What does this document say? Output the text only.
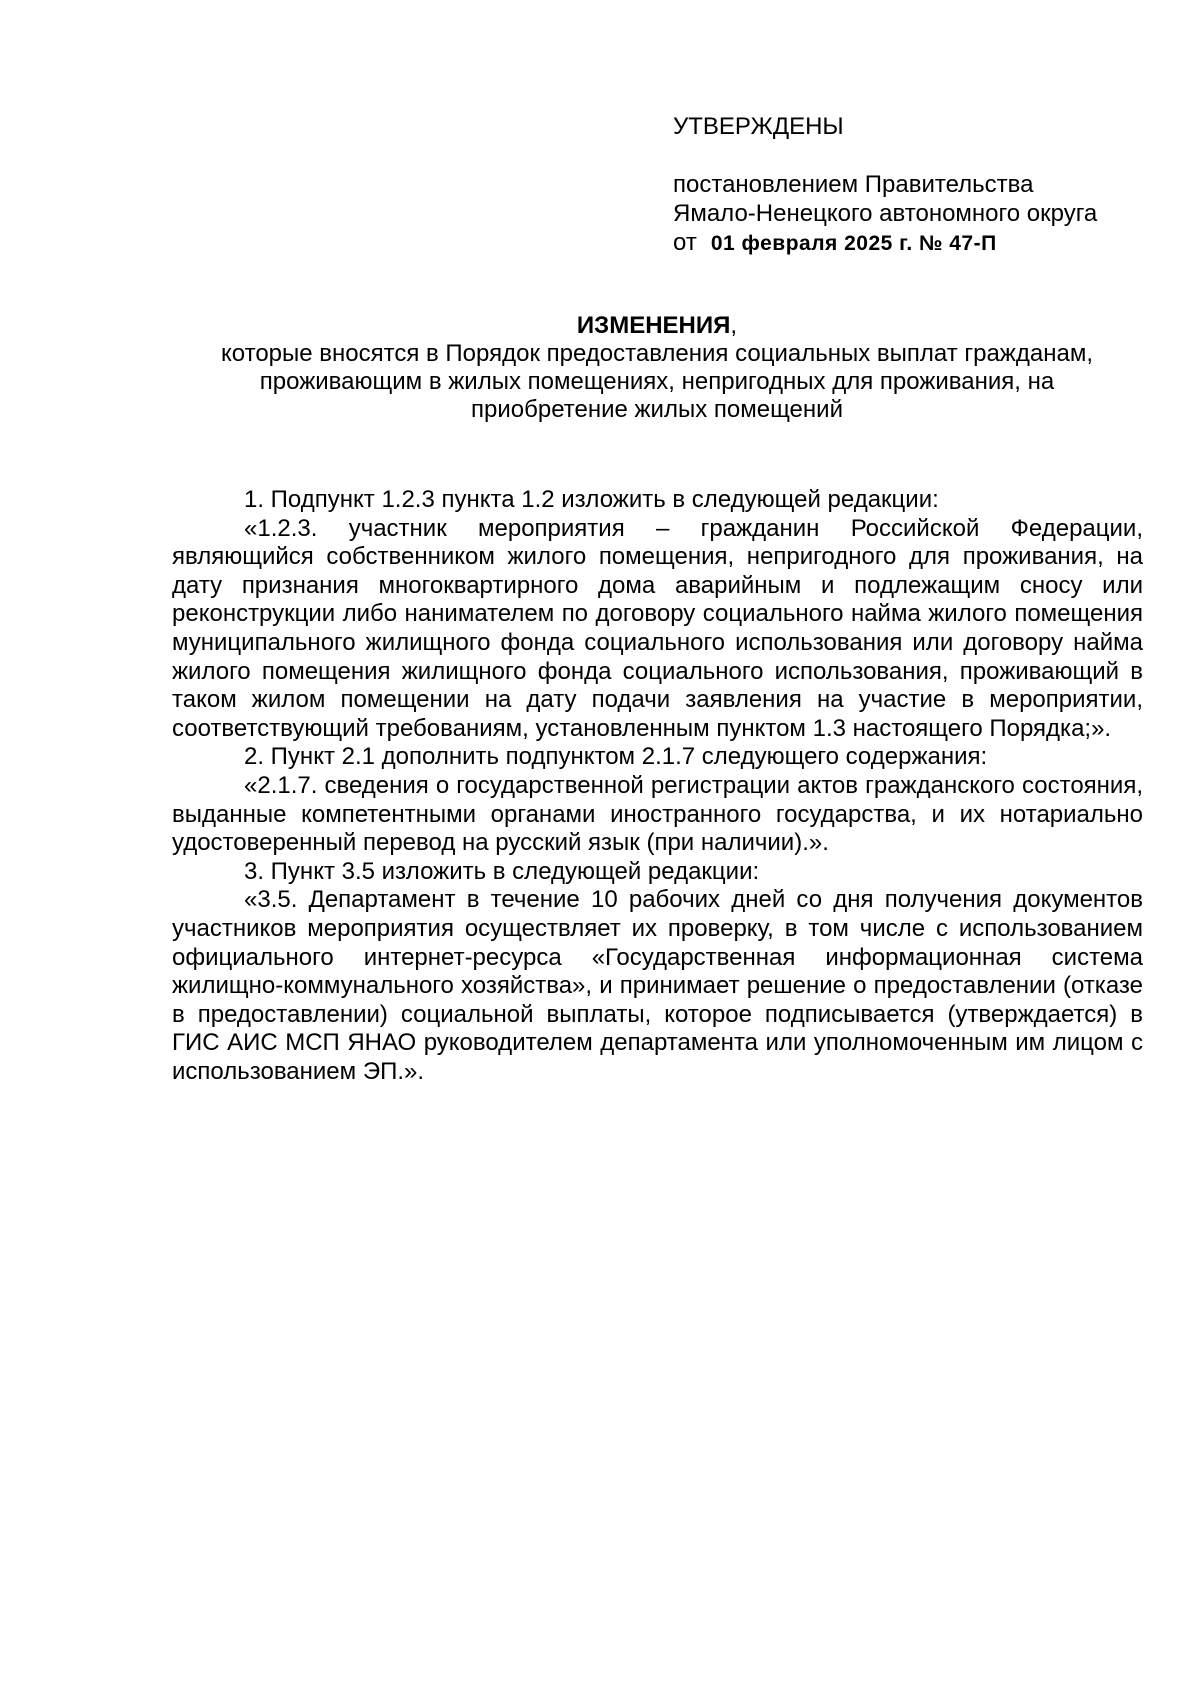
УТВЕРЖДЕНЫ
постановлением Правительства
Ямало-Ненецкого автономного округа
от 01 февраля 2025 г. № 47-П
ИЗМЕНЕНИЯ,
которые вносятся в Порядок предоставления социальных выплат гражданам,
проживающим в жилых помещениях, непригодных для проживания, на
приобретение жилых помещений

1. Подпункт 1.2.3 пункта 1.2 изложить в следующей редакции:

«1.2.3. участник мероприятия – гражданин Российской Федерации, являющийся собственником жилого помещения, непригодного для проживания, на дату признания многоквартирного дома аварийным и подлежащим сносу или реконструкции либо нанимателем по договору социального найма жилого помещения муниципального жилищного фонда социального использования или договору найма жилого помещения жилищного фонда социального использования, проживающий в таком жилом помещении на дату подачи заявления на участие в мероприятии, соответствующий требованиям, установленным пунктом 1.3 настоящего Порядка;».

2. Пункт 2.1 дополнить подпунктом 2.1.7 следующего содержания:

«2.1.7. сведения о государственной регистрации актов гражданского состояния, выданные компетентными органами иностранного государства, и их нотариально удостоверенный перевод на русский язык (при наличии).».

3. Пункт 3.5 изложить в следующей редакции:

«3.5. Департамент в течение 10 рабочих дней со дня получения документов участников мероприятия осуществляет их проверку, в том числе с использованием официального интернет-ресурса «Государственная информационная система жилищно-коммунального хозяйства», и принимает решение о предоставлении (отказе в предоставлении) социальной выплаты, которое подписывается (утверждается) в ГИС АИС МСП ЯНАО руководителем департамента или уполномоченным им лицом с использованием ЭП.».
